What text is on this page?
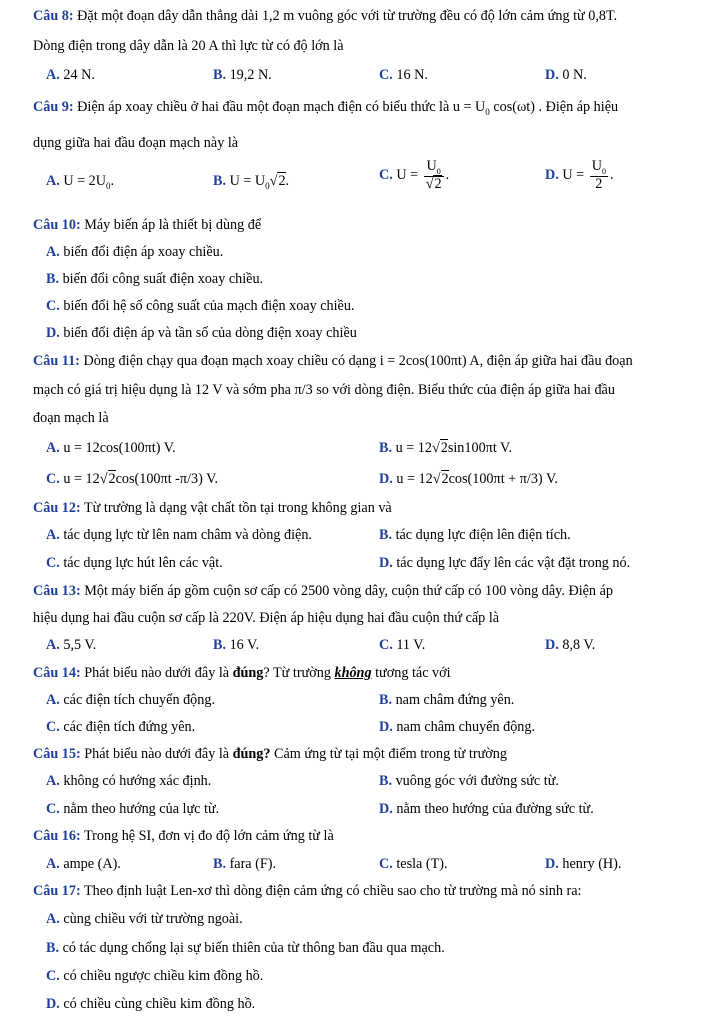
Câu 8: Đặt một đoạn dây dẫn thẳng dài 1,2 m vuông góc với từ trường đều có độ lớn cảm ứng từ 0,8T.
Dòng điện trong dây dẫn là 20 A thì lực từ có độ lớn là
A. 24 N.	B. 19,2 N.	C. 16 N.	D. 0 N.
Câu 9: Điện áp xoay chiều ở hai đầu một đoạn mạch điện có biểu thức là $u = U_0$ cos(ωt) . Điện áp hiệu
dụng giữa hai đầu đoạn mạch này là
A. $U = 2U_0$.	B. $U = U_0√2$.	C. $U = \frac{U_0}{√2}$ .	D. $U = \frac{U_0}{2}$ .
Câu 10: Máy biến áp là thiết bị dùng để
A. biến đổi điện áp xoay chiều.
B. biến đổi công suất điện xoay chiều.
C. biến đổi hệ số công suất của mạch điện xoay chiều.
D. biến đổi điện áp và tần số của dòng điện xoay chiều
Câu 11: Dòng điện chạy qua đoạn mạch xoay chiều có dạng i = 2cos(100πt) A, điện áp giữa hai đầu đoạn
mạch có giá trị hiệu dụng là 12 V và sớm pha π/3 so với dòng điện. Biểu thức của điện áp giữa hai đầu
đoạn mạch là
A. u = 12cos(100πt) V.	B. u = 12√2sin100πt V.
C. u = 12√2cos(100πt -π/3) V.	D. u = 12√2cos(100πt + π/3) V.
Câu 12: Từ trường là dạng vật chất tồn tại trong không gian và
A. tác dụng lực từ lên nam châm và dòng điện.	B. tác dụng lực điện lên điện tích.
C. tác dụng lực hút lên các vật.	D. tác dụng lực đẩy lên các vật đặt trong nó.
Câu 13: Một máy biến áp gồm cuộn sơ cấp có 2500 vòng dây, cuộn thứ cấp có 100 vòng dây. Điện áp
hiệu dụng hai đầu cuộn sơ cấp là 220V. Điện áp hiệu dụng hai đầu cuộn thứ cấp là
A. 5,5 V.	B. 16 V.	C. 11 V.	D. 8,8 V.
Câu 14: Phát biểu nào dưới đây là đúng? Từ trường không tương tác với
A. các điện tích chuyển động.	B. nam châm đứng yên.
C. các điện tích đứng yên.	D. nam châm chuyển động.
Câu 15: Phát biểu nào dưới đây là đúng? Cảm ứng từ tại một điểm trong từ trường
A. không có hướng xác định.	B. vuông góc với đường sức từ.
C. nằm theo hướng của lực từ.	D. nằm theo hướng của đường sức từ.
Câu 16: Trong hệ SI, đơn vị đo độ lớn cảm ứng từ là
A. ampe (A).	B. fara (F).	C. tesla (T).	D. henry (H).
Câu 17: Theo định luật Len-xơ thì dòng điện cảm ứng có chiều sao cho từ trường mà nó sinh ra:
A. cùng chiều với từ trường ngoài.
B. có tác dụng chống lại sự biến thiên của từ thông ban đầu qua mạch.
C. có chiều ngược chiều kim đồng hồ.
D. có chiều cùng chiều kim đồng hồ.
